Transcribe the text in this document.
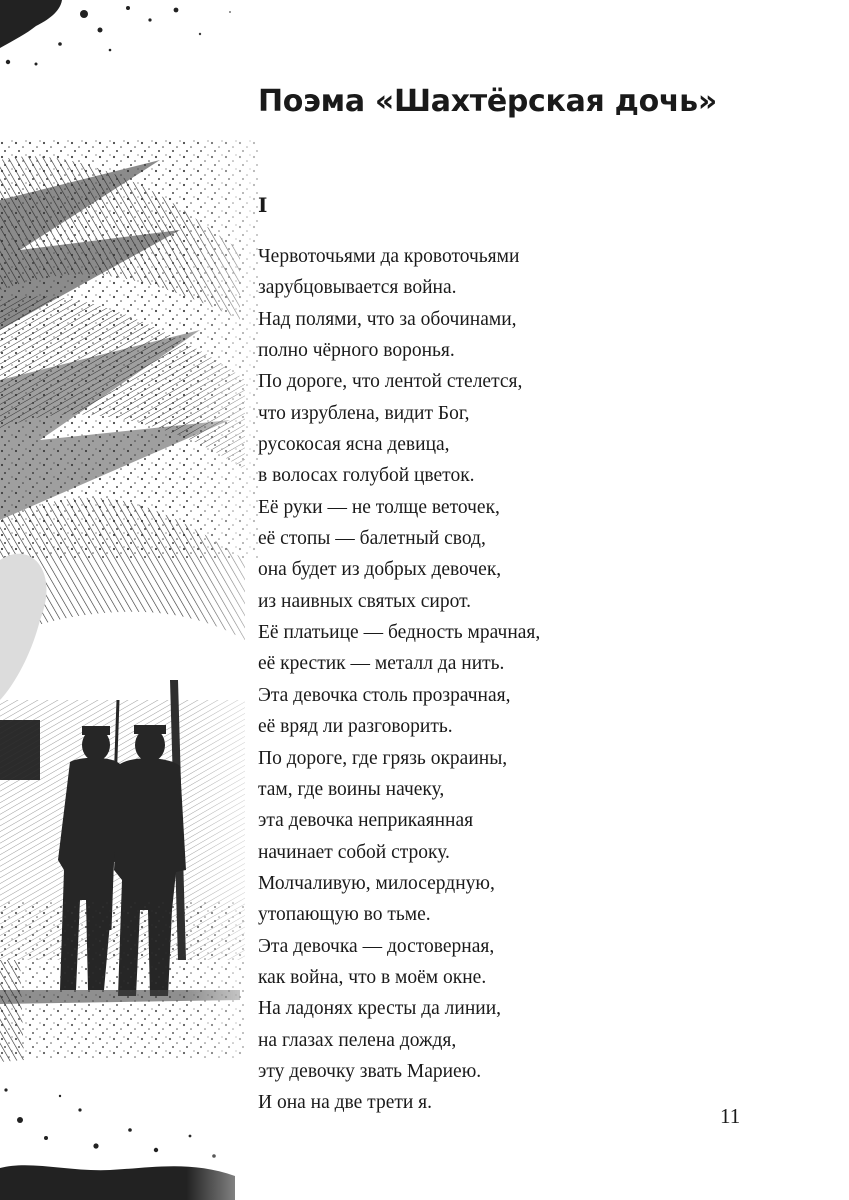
Поэма «Шахтёрская дочь»
I
Червоточьями да кровоточьями
зарубцовывается война.
Над полями, что за обочинами,
полно чёрного воронья.
По дороге, что лентой стелется,
что изрублена, видит Бог,
русокосая ясна девица,
в волосах голубой цветок.
Её руки — не толще веточек,
её стопы — балетный свод,
она будет из добрых девочек,
из наивных святых сирот.
Её платьице — бедность мрачная,
её крестик — металл да нить.
Эта девочка столь прозрачная,
её вряд ли разговорить.
По дороге, где грязь окраины,
там, где воины начеку,
эта девочка неприкаянная
начинает собой строку.
Молчаливую, милосердную,
утопающую во тьме.
Эта девочка — достоверная,
как война, что в моём окне.
На ладонях кресты да линии,
на глазах пелена дождя,
эту девочку звать Мариею.
И она на две трети я.
11
